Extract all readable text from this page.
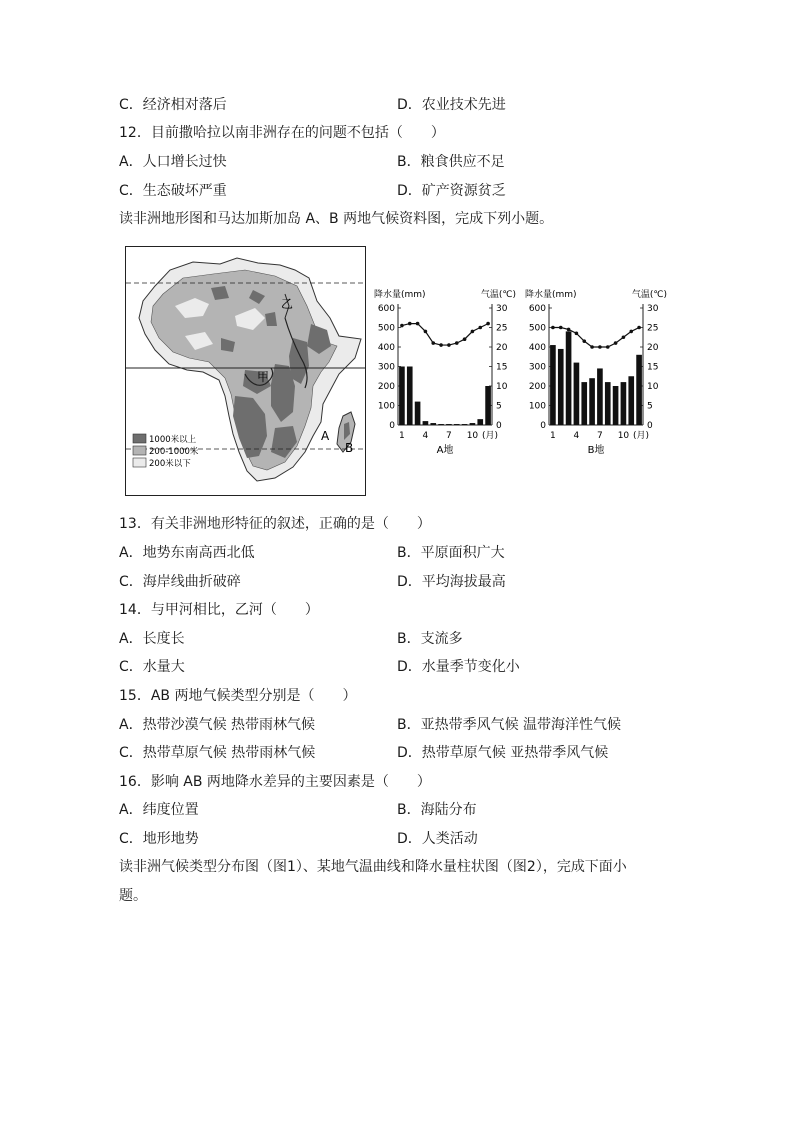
C．经济相对落后	D．农业技术先进
12．目前撒哈拉以南非洲存在的问题不包括（　　）
A．人口增长过快	B．粮食供应不足
C．生态破坏严重	D．矿产资源贫乏
读非洲地形图和马达加斯加岛 A、B 两地气候资料图，完成下列小题。
乙
甲
A
B
1000米以上
200-1000米
200米以下
降水量(mm)	气温(℃)
0
100
200
300
400
500
600
0
5
10
15
20
25
30
1 4 7 10 (月)
A地
降水量(mm)	气温(℃)
0
100
200
300
400
500
600
0
5
10
15
20
25
30
1 4 7 10 (月)
B地
13．有关非洲地形特征的叙述，正确的是（　　）
A．地势东南高西北低	B．平原面积广大
C．海岸线曲折破碎	D．平均海拔最高
14．与甲河相比，乙河（　　）
A．长度长	B．支流多
C．水量大	D．水量季节变化小
15．AB 两地气候类型分别是（　　）
A．热带沙漠气候 热带雨林气候	B．亚热带季风气候 温带海洋性气候
C．热带草原气候 热带雨林气候	D．热带草原气候 亚热带季风气候
16．影响 AB 两地降水差异的主要因素是（　　）
A．纬度位置	B．海陆分布
C．地形地势	D．人类活动
读非洲气候类型分布图（图1）、某地气温曲线和降水量柱状图（图2），完成下面小
题。
